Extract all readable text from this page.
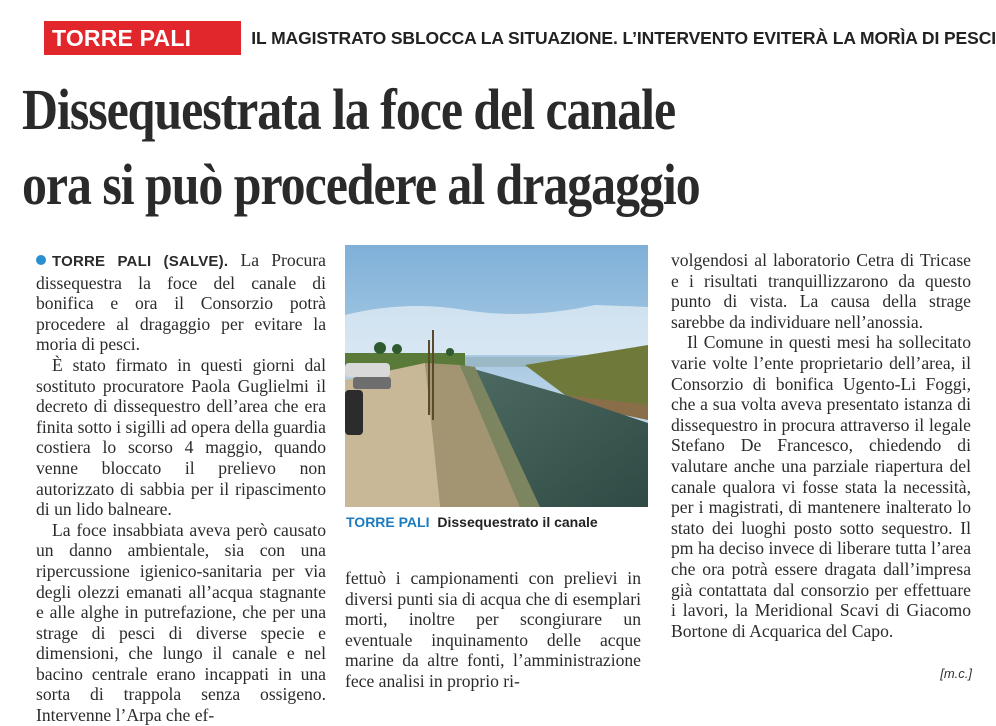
TORRE PALI (SALVE)
IL MAGISTRATO SBLOCCA LA SITUAZIONE. L’INTERVENTO EVITERÀ LA MORÌA DI PESCI
Dissequestrata la foce del canale
ora si può procedere al dragaggio

TORRE PALI (SALVE). La Procura dissequestra la foce del canale di bonifica e ora il Consorzio potrà procedere al dragaggio per evitare la moria di pesci.

È stato firmato in questi giorni dal sostituto procuratore Paola Guglielmi il decreto di dissequestro dell’area che era finita sotto i sigilli ad opera della guardia costiera lo scorso 4 maggio, quando venne bloccato il prelievo non autorizzato di sabbia per il ripascimento di un lido balneare.

La foce insabbiata aveva però causato un danno ambientale, sia con una ripercussione igienico-sanitaria per via degli olezzi emanati all’acqua stagnante e alle alghe in putrefazione, che per una strage di pesci di diverse specie e dimensioni, che lungo il canale e nel bacino centrale erano incappati in una sorta di trappola senza ossigeno. Intervenne l’Arpa che ef-

TORRE PALI Dissequestrato il canale

fettuò i campionamenti con prelievi in diversi punti sia di acqua che di esemplari morti, inoltre per scongiurare un eventuale inquinamento delle acque marine da altre fonti, l’amministrazione fece analisi in proprio ri-

volgendosi al laboratorio Cetra di Tricase e i risultati tranquillizzarono da questo punto di vista. La causa della strage sarebbe da individuare nell’anossia.

Il Comune in questi mesi ha sollecitato varie volte l’ente proprietario dell’area, il Consorzio di bonifica Ugento-Li Foggi, che a sua volta aveva presentato istanza di dissequestro in procura attraverso il legale Stefano De Francesco, chiedendo di valutare anche una parziale riapertura del canale qualora vi fosse stata la necessità, per i magistrati, di mantenere inalterato lo stato dei luoghi posto sotto sequestro. Il pm ha deciso invece di liberare tutta l’area che ora potrà essere dragata dall’impresa già contattata dal consorzio per effettuare i lavori, la Meridional Scavi di Giacomo Bortone di Acquarica del Capo.

[m.c.]
